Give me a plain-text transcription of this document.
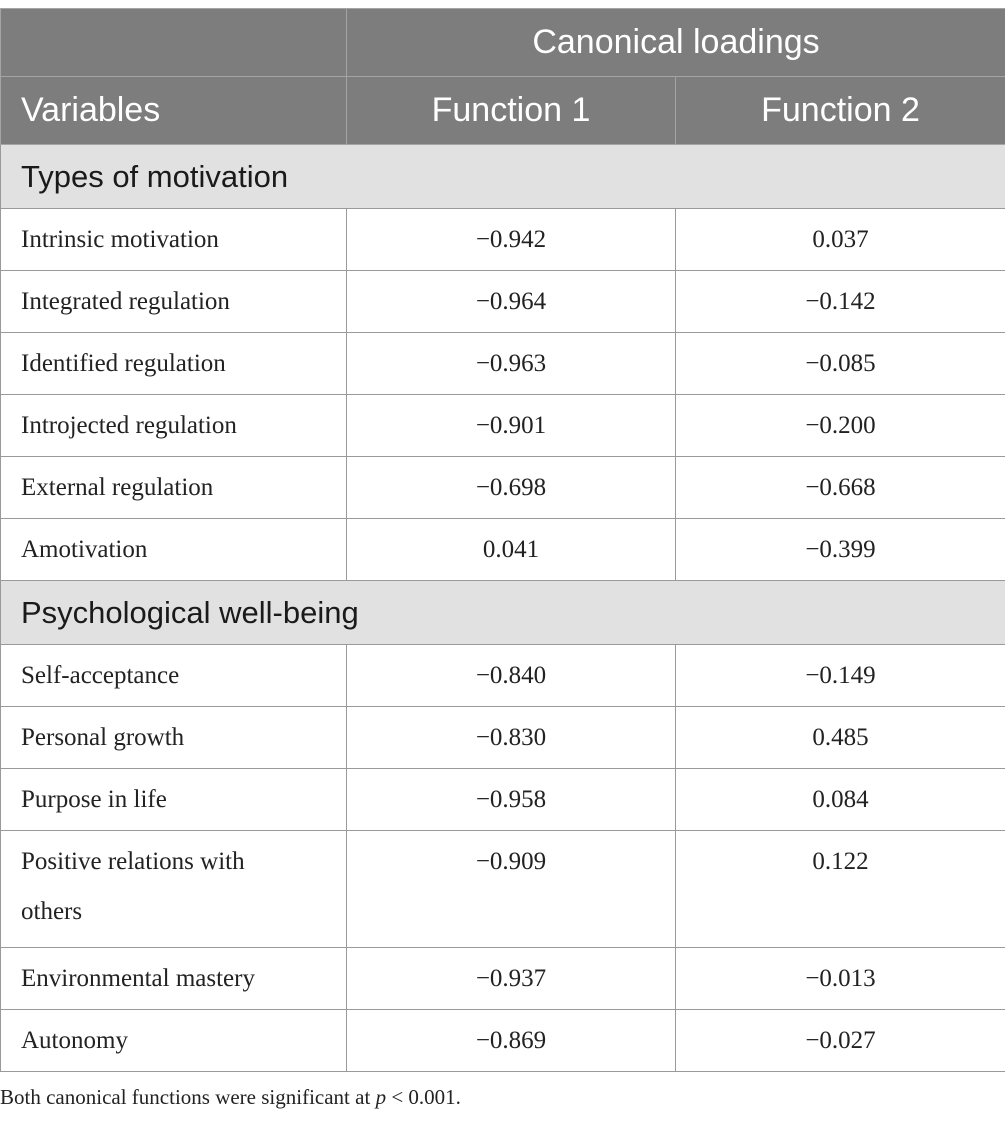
	Canonical loadings	
Variables	Function 1	Function 2
Types of motivation		
Intrinsic motivation	−0.942	0.037
Integrated regulation	−0.964	−0.142
Identified regulation	−0.963	−0.085
Introjected regulation	−0.901	−0.200
External regulation	−0.698	−0.668
Amotivation	0.041	−0.399
Psychological well-being		
Self-acceptance	−0.840	−0.149
Personal growth	−0.830	0.485
Purpose in life	−0.958	0.084
Positive relations with others	−0.909	0.122
Environmental mastery	−0.937	−0.013
Autonomy	−0.869	−0.027
Both canonical functions were significant at p < 0.001.
